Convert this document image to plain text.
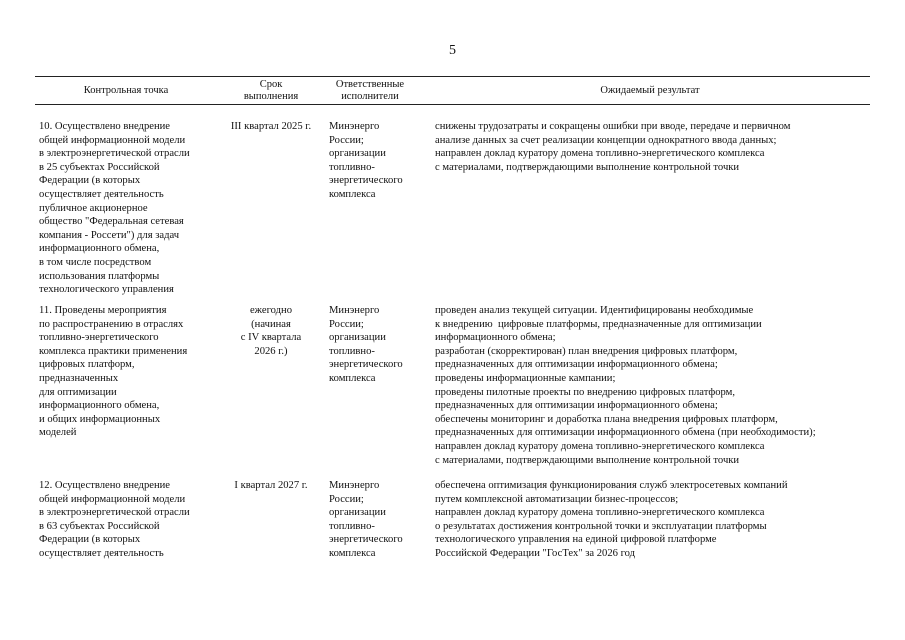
5
Контрольная точка
Срок
выполнения
Ответственные
исполнители
Ожидаемый результат
10. Осуществлено внедрение
общей информационной модели
в электроэнергетической отрасли
в 25 субъектах Российской
Федерации (в которых
осуществляет деятельность
публичное акционерное
общество "Федеральная сетевая
компания - Россети") для задач
информационного обмена,
в том числе посредством
использования платформы
технологического управления
III квартал 2025 г.	Минэнерго
России;
организации
топливно-
энергетического
комплекса
снижены трудозатраты и сокращены ошибки при вводе, передаче и первичном
анализе данных за счет реализации концепции однократного ввода данных;
направлен доклад куратору домена топливно-энергетического комплекса
с материалами, подтверждающими выполнение контрольной точки
11. Проведены мероприятия
по распространению в отраслях
топливно-энергетического
комплекса практики применения
цифровых платформ,
предназначенных
для оптимизации
информационного обмена,
и общих информационных
моделей
ежегодно
(начиная
с IV квартала
2026 г.)
Минэнерго
России;
организации
топливно-
энергетического
комплекса
проведен анализ текущей ситуации. Идентифицированы необходимые
к внедрению  цифровые платформы, предназначенные для оптимизации
информационного обмена;
разработан (скорректирован) план внедрения цифровых платформ,
предназначенных для оптимизации информационного обмена;
проведены информационные кампании;
проведены пилотные проекты по внедрению цифровых платформ,
предназначенных для оптимизации информационного обмена;
обеспечены мониторинг и доработка плана внедрения цифровых платформ,
предназначенных для оптимизации информационного обмена (при необходимости);
направлен доклад куратору домена топливно-энергетического комплекса
с материалами, подтверждающими выполнение контрольной точки
12. Осуществлено внедрение
общей информационной модели
в электроэнергетической отрасли
в 63 субъектах Российской
Федерации (в которых
осуществляет деятельность
I квартал 2027 г.	Минэнерго
России;
организации
топливно-
энергетического
комплекса
обеспечена оптимизация функционирования служб электросетевых компаний
путем комплексной автоматизации бизнес-процессов;
направлен доклад куратору домена топливно-энергетического комплекса
о результатах достижения контрольной точки и эксплуатации платформы
технологического управления на единой цифровой платформе
Российской Федерации "ГосТех" за 2026 год
